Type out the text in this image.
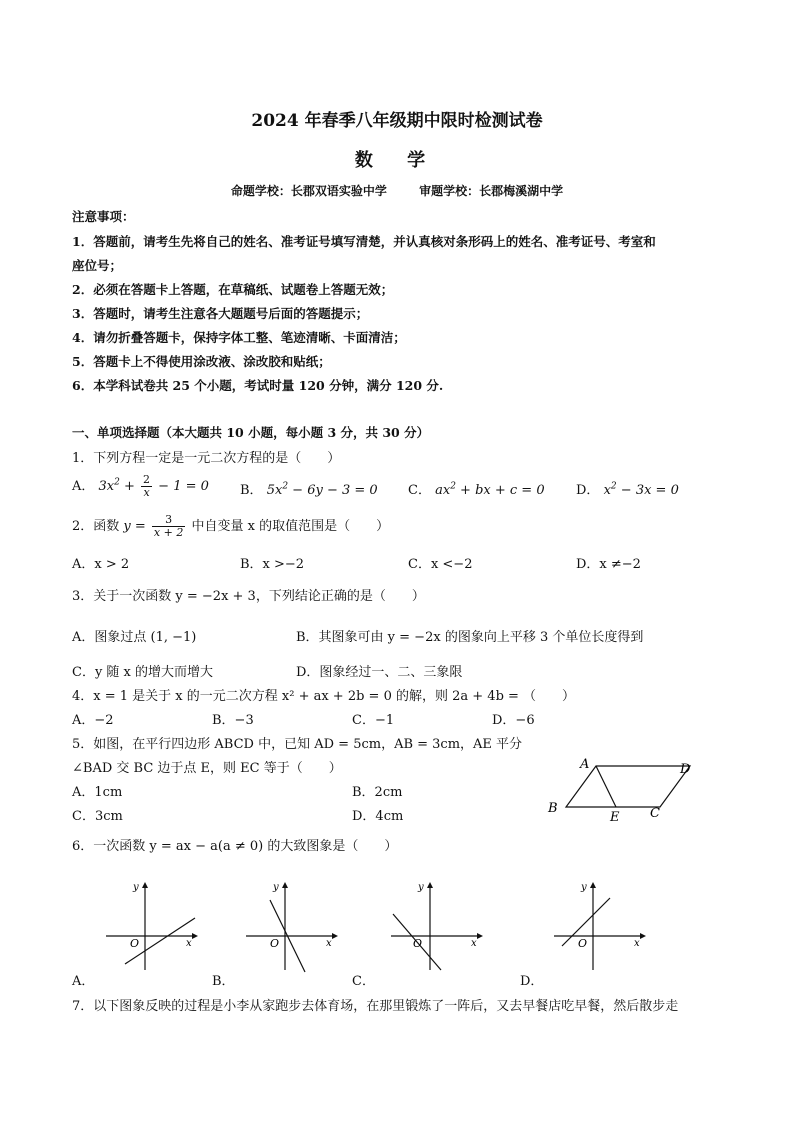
2024 年春季八年级期中限时检测试卷
数 学
命题学校：长郡双语实验中学	审题学校：长郡梅溪湖中学
注意事项：
1．答题前，请考生先将自己的姓名、准考证号填写清楚，并认真核对条形码上的姓名、准考证号、考室和
座位号；
2．必须在答题卡上答题，在草稿纸、试题卷上答题无效；
3．答题时，请考生注意各大题题号后面的答题提示；
4．请勿折叠答题卡，保持字体工整、笔迹清晰、卡面清洁；
5．答题卡上不得使用涂改液、涂改胶和贴纸；
6．本学科试卷共 25 个小题，考试时量 120 分钟，满分 120 分.
一、单项选择题（本大题共 10 小题，每小题 3 分，共 30 分）
1．下列方程一定是一元二次方程的是（　　）
A． $3x^2 + \frac{2}{x} - 1 = 0$ B． $5x^2 - 6y - 3 = 0$ C． $ax^2$ + bx + c = 0 D． $x^2 - 3x = 0$
2．函数 $y = \frac{3}{x + 2}$ 中自变量 x 的取值范围是（　　）
A．x > 2	B．x >−2	C．x <−2	D．x ≠−2
3．关于一次函数 y = −2x + 3，下列结论正确的是（　　）
A．图象过点 (1, −1)	B．其图象可由 y = −2x 的图象向上平移 3 个单位长度得到
C．y 随 x 的增大而增大	D．图象经过一、二、三象限
4．x = 1 是关于 x 的一元二次方程 x² + ax + 2b = 0 的解，则 2a + 4b = （　　）
A．−2	B．−3	C．−1	D．−6
5．如图，在平行四边形 ABCD 中，已知 AD = 5cm，AB = 3cm，AE 平分
∠BAD 交 BC 边于点 E，则 EC 等于（　　）
A．1cm	B．2cm
C．3cm	D．4cm
A	D
B
E C
6．一次函数 y = ax − a(a ≠ 0) 的大致图象是（　　）
O	x
y
O	x
y
O	x
y
O	x
y
A．	B．	C．	D．
7．以下图象反映的过程是小李从家跑步去体育场，在那里锻炼了一阵后，又去早餐店吃早餐，然后散步走
